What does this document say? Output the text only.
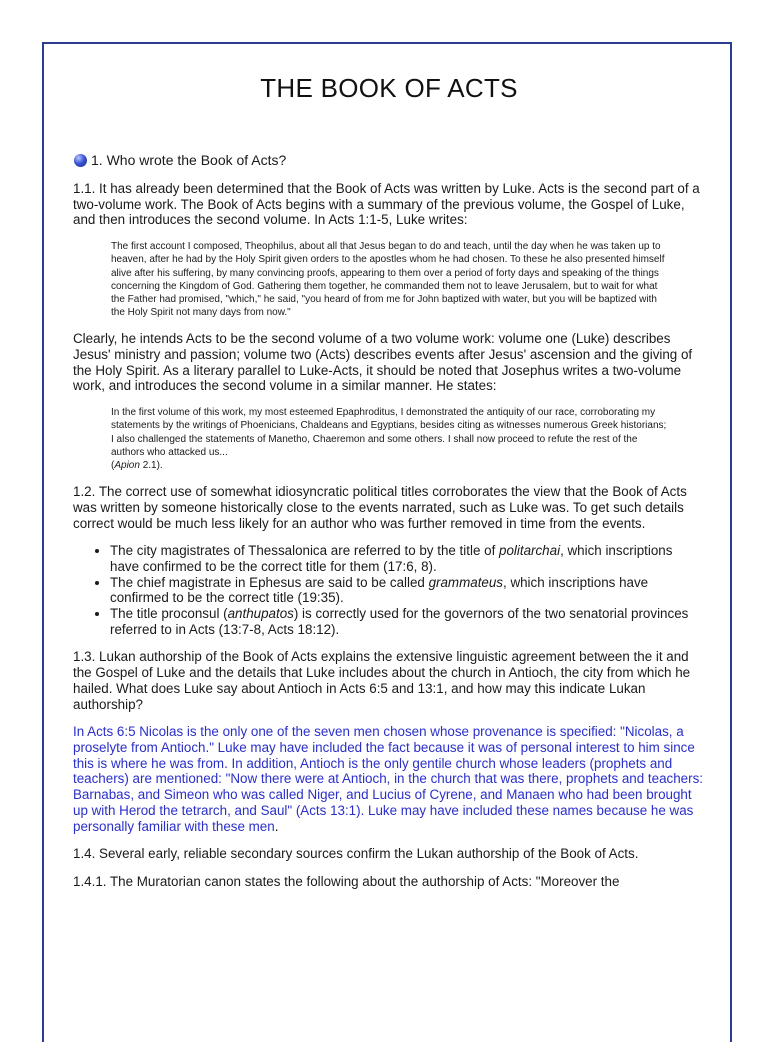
THE BOOK OF ACTS
1. Who wrote the Book of Acts?

1.1. It has already been determined that the Book of Acts was written by Luke. Acts is the second part of a two-volume work. The Book of Acts begins with a summary of the previous volume, the Gospel of Luke, and then introduces the second volume. In Acts 1:1-5, Luke writes:

The first account I composed, Theophilus, about all that Jesus began to do and teach, until the day when he was taken up to heaven, after he had by the Holy Spirit given orders to the apostles whom he had chosen. To these he also presented himself alive after his suffering, by many convincing proofs, appearing to them over a period of forty days and speaking of the things concerning the Kingdom of God. Gathering them together, he commanded them not to leave Jerusalem, but to wait for what the Father had promised, "which," he said, "you heard of from me for John baptized with water, but you will be baptized with the Holy Spirit not many days from now."

Clearly, he intends Acts to be the second volume of a two volume work: volume one (Luke) describes Jesus' ministry and passion; volume two (Acts) describes events after Jesus' ascension and the giving of the Holy Spirit. As a literary parallel to Luke-Acts, it should be noted that Josephus writes a two-volume work, and introduces the second volume in a similar manner. He states:

In the first volume of this work, my most esteemed Epaphroditus, I demonstrated the antiquity of our race, corroborating my statements by the writings of Phoenicians, Chaldeans and Egyptians, besides citing as witnesses numerous Greek historians; I also challenged the statements of Manetho, Chaeremon and some others. I shall now proceed to refute the rest of the authors who attacked us...
(Apion 2.1).

1.2. The correct use of somewhat idiosyncratic political titles corroborates the view that the Book of Acts was written by someone historically close to the events narrated, such as Luke was. To get such details correct would be much less likely for an author who was further removed in time from the events.

• The city magistrates of Thessalonica are referred to by the title of politarchai, which inscriptions have confirmed to be the correct title for them (17:6, 8).
• The chief magistrate in Ephesus are said to be called grammateus, which inscriptions have confirmed to be the correct title (19:35).
• The title proconsul (anthupatos) is correctly used for the governors of the two senatorial provinces referred to in Acts (13:7-8, Acts 18:12).

1.3. Lukan authorship of the Book of Acts explains the extensive linguistic agreement between the it and the Gospel of Luke and the details that Luke includes about the church in Antioch, the city from which he hailed. What does Luke say about Antioch in Acts 6:5 and 13:1, and how may this indicate Lukan authorship?

In Acts 6:5 Nicolas is the only one of the seven men chosen whose provenance is specified: "Nicolas, a proselyte from Antioch." Luke may have included the fact because it was of personal interest to him since this is where he was from. In addition, Antioch is the only gentile church whose leaders (prophets and teachers) are mentioned: "Now there were at Antioch, in the church that was there, prophets and teachers: Barnabas, and Simeon who was called Niger, and Lucius of Cyrene, and Manaen who had been brought up with Herod the tetrarch, and Saul" (Acts 13:1). Luke may have included these names because he was personally familiar with these men.

1.4. Several early, reliable secondary sources confirm the Lukan authorship of the Book of Acts.

1.4.1. The Muratorian canon states the following about the authorship of Acts: "Moreover the
